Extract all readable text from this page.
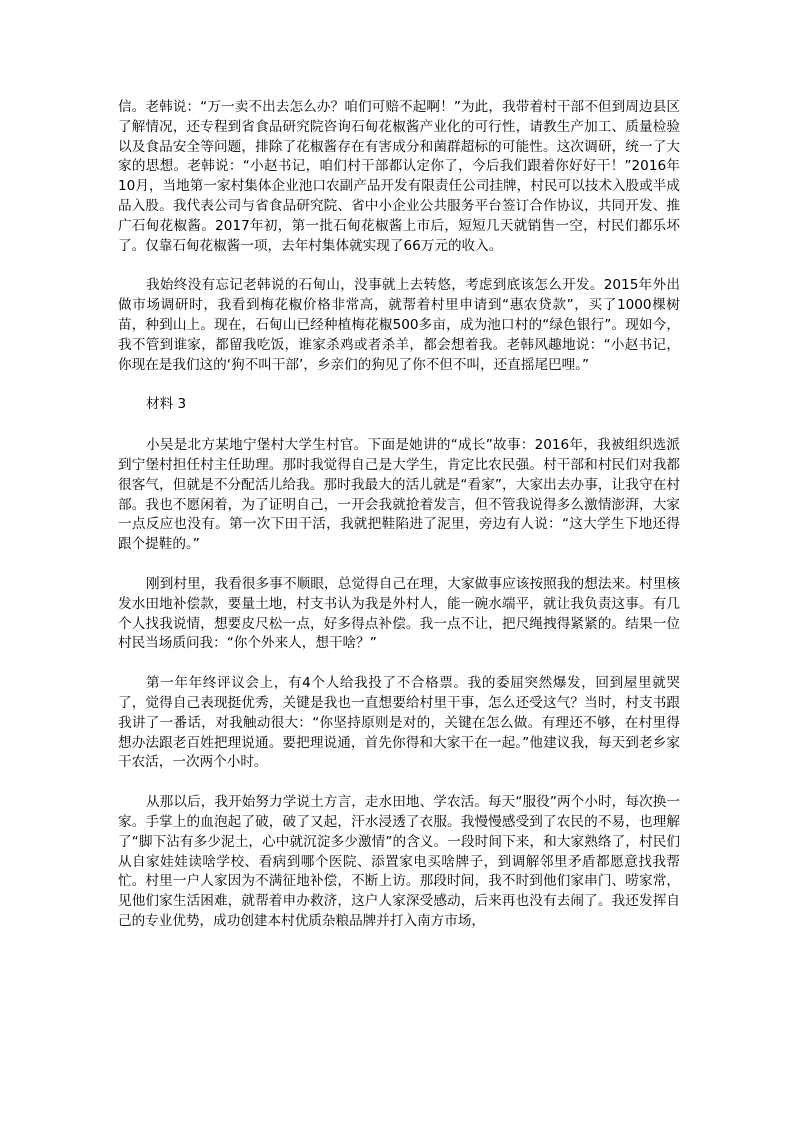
信。老韩说：“万一卖不出去怎么办？咱们可赔不起啊！”为此，我带着村干部不但到周边县区了解情况，还专程到省食品研究院咨询石甸花椒酱产业化的可行性，请教生产加工、质量检验以及食品安全等问题，排除了花椒酱存在有害成分和菌群超标的可能性。这次调研，统一了大家的思想。老韩说：“小赵书记，咱们村干部都认定你了，今后我们跟着你好好干！”2016年10月，当地第一家村集体企业池口农副产品开发有限责任公司挂牌，村民可以技术入股或半成品入股。我代表公司与省食品研究院、省中小企业公共服务平台签订合作协议，共同开发、推广石甸花椒酱。2017年初，第一批石甸花椒酱上市后，短短几天就销售一空，村民们都乐坏了。仅靠石甸花椒酱一项，去年村集体就实现了66万元的收入。

我始终没有忘记老韩说的石甸山，没事就上去转悠，考虑到底该怎么开发。2015年外出做市场调研时，我看到梅花椒价格非常高，就帮着村里申请到“惠农贷款”，买了1000棵树苗，种到山上。现在，石甸山已经种植梅花椒500多亩，成为池口村的“绿色银行”。现如今，我不管到谁家，都留我吃饭，谁家杀鸡或者杀羊，都会想着我。老韩风趣地说：“小赵书记，你现在是我们这的‘狗不叫干部’，乡亲们的狗见了你不但不叫，还直摇尾巴哩。”

材料 3

小吴是北方某地宁堡村大学生村官。下面是她讲的“成长”故事：2016年，我被组织选派到宁堡村担任村主任助理。那时我觉得自己是大学生，肯定比农民强。村干部和村民们对我都很客气，但就是不分配活儿给我。那时我最大的活儿就是“看家”，大家出去办事，让我守在村部。我也不愿闲着，为了证明自己，一开会我就抢着发言，但不管我说得多么激情澎湃，大家一点反应也没有。第一次下田干活，我就把鞋陷进了泥里，旁边有人说：“这大学生下地还得跟个提鞋的。”

刚到村里，我看很多事不顺眼，总觉得自己在理，大家做事应该按照我的想法来。村里核发水田地补偿款，要量土地，村支书认为我是外村人，能一碗水端平，就让我负责这事。有几个人找我说情，想要皮尺松一点，好多得点补偿。我一点不让，把尺绳拽得紧紧的。结果一位村民当场质问我：“你个外来人，想干啥？”

第一年年终评议会上，有4个人给我投了不合格票。我的委屈突然爆发，回到屋里就哭了，觉得自己表现挺优秀，关键是我也一直想要给村里干事，怎么还受这气？当时，村支书跟我讲了一番话，对我触动很大：“你坚持原则是对的，关键在怎么做。有理还不够，在村里得想办法跟老百姓把理说通。要把理说通，首先你得和大家干在一起。”他建议我，每天到老乡家干农活，一次两个小时。

从那以后，我开始努力学说土方言，走水田地、学农活。每天“服役”两个小时，每次换一家。手掌上的血泡起了破，破了又起，汗水浸透了衣服。我慢慢感受到了农民的不易，也理解了“脚下沾有多少泥土，心中就沉淀多少激情”的含义。一段时间下来，和大家熟络了，村民们从自家娃娃读啥学校、看病到哪个医院、添置家电买啥牌子，到调解邻里矛盾都愿意找我帮忙。村里一户人家因为不满征地补偿，不断上访。那段时间，我不时到他们家串门、唠家常，见他们家生活困难，就帮着申办救济，这户人家深受感动，后来再也没有去闹了。我还发挥自己的专业优势，成功创建本村优质杂粮品牌并打入南方市场，
